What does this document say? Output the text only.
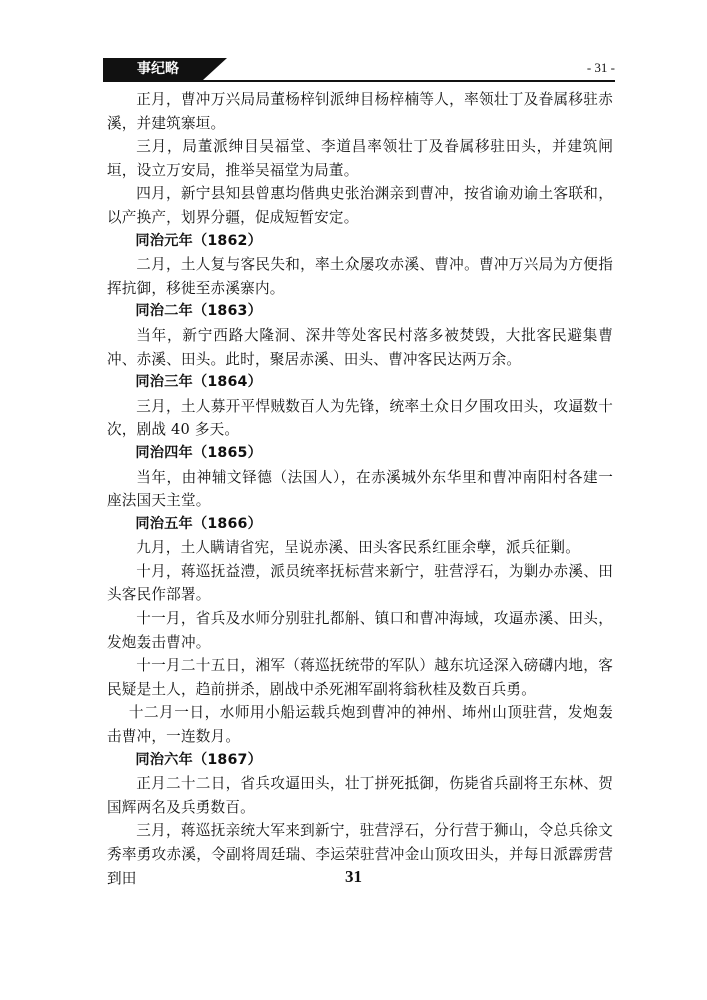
事纪略	- 31 -

正月，曹冲万兴局局董杨梓钊派绅目杨梓楠等人，率领壮丁及眷属移驻赤溪，并建筑寨垣。

三月，局董派绅目吴福堂、李道昌率领壮丁及眷属移驻田头，并建筑闸垣，设立万安局，推举吴福堂为局董。

四月，新宁县知县曾惠均偕典史张治渊亲到曹冲，按省谕劝谕土客联和，以产换产，划界分疆，促成短暂安定。

同治元年（1862）

二月，土人复与客民失和，率土众屡攻赤溪、曹冲。曹冲万兴局为方便指挥抗御，移徙至赤溪寨内。

同治二年（1863）

当年，新宁西路大隆洞、深井等处客民村落多被焚毁，大批客民避集曹冲、赤溪、田头。此时，聚居赤溪、田头、曹冲客民达两万余。

同治三年（1864）

三月，土人募开平悍贼数百人为先锋，统率土众日夕围攻田头，攻逼数十次，剧战 40 多天。

同治四年（1865）

当年，由神辅文铎德（法国人），在赤溪城外东华里和曹冲南阳村各建一座法国天主堂。

同治五年（1866）

九月，土人瞒请省宪，呈说赤溪、田头客民系红匪余孽，派兵征剿。

十月，蒋巡抚益澧，派员统率抚标营来新宁，驻营浮石，为剿办赤溪、田头客民作部署。

十一月，省兵及水师分别驻扎都斛、镇口和曹冲海域，攻逼赤溪、田头，发炮轰击曹冲。

十一月二十五日，湘军（蒋巡抚统带的军队）越东坑迳深入磅礴内地，客民疑是土人，趋前拼杀，剧战中杀死湘军副将翁秋桂及数百兵勇。

十二月一日，水师用小船运载兵炮到曹冲的神州、㘵州山顶驻营，发炮轰击曹冲，一连数月。

同治六年（1867）

正月二十二日，省兵攻逼田头，壮丁拼死抵御，伤毙省兵副将王东林、贺国辉两名及兵勇数百。

三月，蒋巡抚亲统大军来到新宁，驻营浮石，分行营于狮山，令总兵徐文秀率勇攻赤溪，令副将周廷瑞、李运荣驻营冲金山顶攻田头，并每日派霹雳营到田	31
